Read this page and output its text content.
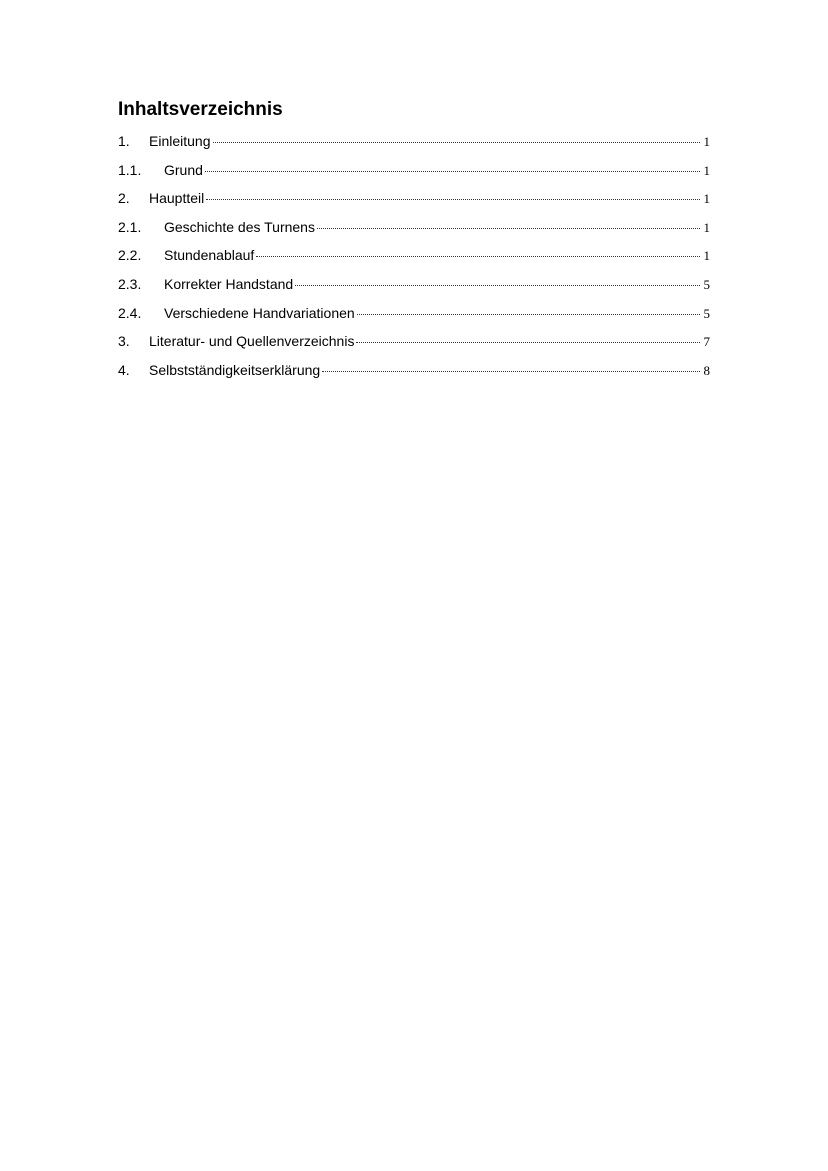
Inhaltsverzeichnis
1.	Einleitung	1
1.1.	Grund	1
2.	Hauptteil	1
2.1.	Geschichte des Turnens	1
2.2.	Stundenablauf	1
2.3.	Korrekter Handstand	5
2.4.	Verschiedene Handvariationen	5
3.	Literatur- und Quellenverzeichnis	7
4.	Selbstständigkeitserklärung	8
